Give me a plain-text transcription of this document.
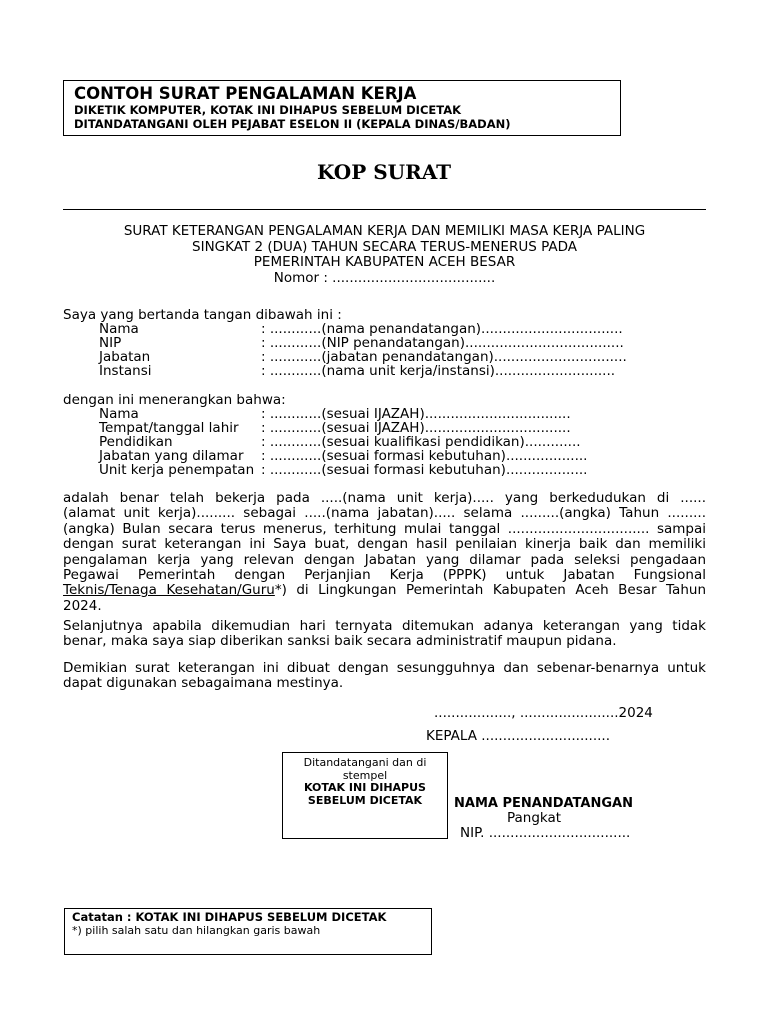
CONTOH SURAT PENGALAMAN KERJA
DIKETIK KOMPUTER, KOTAK INI DIHAPUS SEBELUM DICETAK
DITANDATANGANI OLEH PEJABAT ESELON II (KEPALA DINAS/BADAN)
KOP SURAT
SURAT KETERANGAN PENGALAMAN KERJA DAN MEMILIKI MASA KERJA PALING
SINGKAT 2 (DUA) TAHUN SECARA TERUS-MENERUS PADA
PEMERINTAH KABUPATEN ACEH BESAR
Nomor : ......................................
Saya yang bertanda tangan dibawah ini :
Nama	: ............(nama penandatangan).................................
NIP	: ............(NIP penandatangan).....................................
Jabatan	: ............(jabatan penandatangan)...............................
Instansi	: ............(nama unit kerja/instansi)............................
dengan ini menerangkan bahwa:
Nama	: ............(sesuai IJAZAH)..................................
Tempat/tanggal lahir : ............(sesuai IJAZAH)..................................
Pendidikan	: ............(sesuai kualifikasi pendidikan).............
Jabatan yang dilamar : ............(sesuai formasi kebutuhan)...................
Unit kerja penempatan : ............(sesuai formasi kebutuhan)...................
adalah benar telah bekerja pada .....(nama unit kerja)..... yang berkedudukan di ......
(alamat unit kerja)......... sebagai .....(nama jabatan)..... selama .........(angka) Tahun .........
(angka) Bulan secara terus menerus, terhitung mulai tanggal ................................. sampai
dengan surat keterangan ini Saya buat, dengan hasil penilaian kinerja baik dan memiliki
pengalaman kerja yang relevan dengan Jabatan yang dilamar pada seleksi pengadaan
Pegawai Pemerintah dengan Perjanjian Kerja (PPPK) untuk Jabatan Fungsional
Teknis/Tenaga Kesehatan/Guru*) di Lingkungan Pemerintah Kabupaten Aceh Besar Tahun
2024.
Selanjutnya apabila dikemudian hari ternyata ditemukan adanya keterangan yang tidak
benar, maka saya siap diberikan sanksi baik secara administratif maupun pidana.
Demikian surat keterangan ini dibuat dengan sesungguhnya dan sebenar-benarnya untuk
dapat digunakan sebagaimana mestinya.
.................., .......................2024
KEPALA ..............................
Ditandatangani dan di
stempel
KOTAK INI DIHAPUS
SEBELUM DICETAK	NAMA PENANDATANGAN
Pangkat
NIP. .................................
Catatan : KOTAK INI DIHAPUS SEBELUM DICETAK
*) pilih salah satu dan hilangkan garis bawah
